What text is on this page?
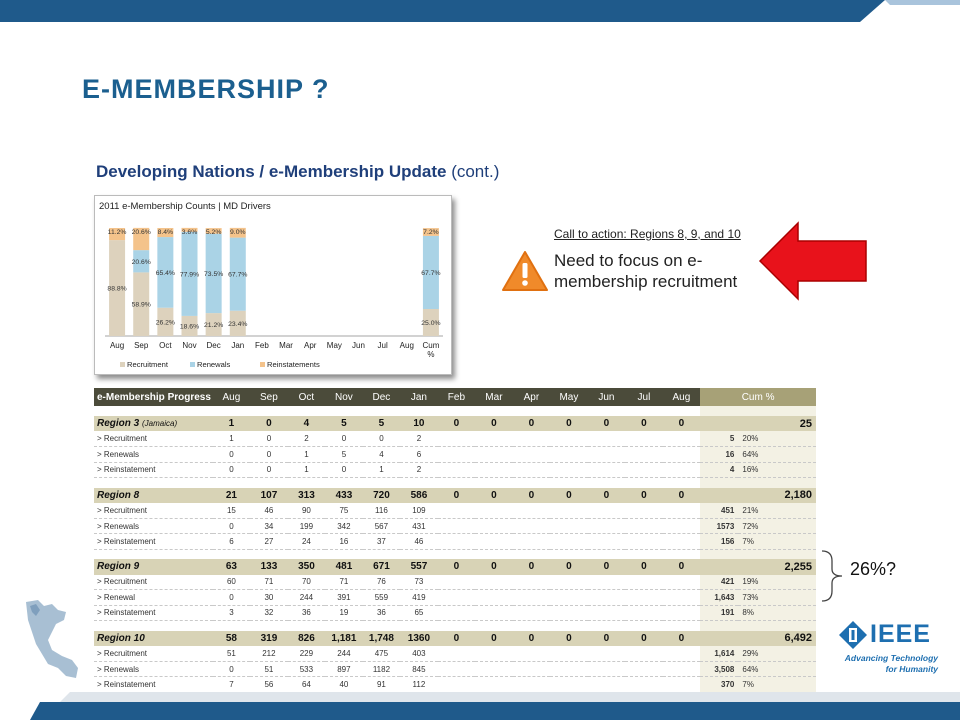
E-MEMBERSHIP ?
Developing Nations / e-Membership Update (cont.)
2011 e-Membership Counts | MD Drivers
88.8%
11.2%
Aug
58.9%
20.6%
20.6%
Sep
26.2%
65.4%
8.4%
Oct
18.6%
77.9%
3.6%
Nov
21.2%
73.5%
5.2%
Dec
23.4%
67.7%
9.0%
Jan Feb Mar Apr May Jun Jul Aug
25.0%
67.7%
7.2%
Cum
%
Recruitment	Renewals	Reinstatements
Call to action: Regions 8, 9, and 10
Need to focus on e-membership recruitment
e-Membership Progress	Aug	Sep	Oct	Nov	Dec	Jan	Feb	Mar	Apr	May	Jun	Jul	Aug	Cum %	

Region 3 (Jamaica)	1	0	4	5	5	10	0	0	0	0	0	0	0		25
> Recruitment	1	0	2	0	0	2								5	20%
> Renewals	0	0	1	5	4	6								16	64%
> Reinstatement	0	0	1	0	1	2								4	16%

Region 8	21	107	313	433	720	586	0	0	0	0	0	0	0		2,180
> Recruitment	15	46	90	75	116	109								451	21%
> Renewals	0	34	199	342	567	431								1573	72%
> Reinstatement	6	27	24	16	37	46								156	7%

Region 9	63	133	350	481	671	557	0	0	0	0	0	0	0		2,255
> Recruitment	60	71	70	71	76	73								421	19%
> Renewal	0	30	244	391	559	419								1,643	73%
> Reinstatement	3	32	36	19	36	65								191	8%

Region 10	58	319	826	1,181	1,748	1360	0	0	0	0	0	0	0		6,492
> Recruitment	51	212	229	244	475	403								1,614	29%
> Renewals	0	51	533	897	1182	845								3,508	64%
> Reinstatement	7	56	64	40	91	112								370	7%
26%?
IEEE
Advancing Technology
for Humanity
